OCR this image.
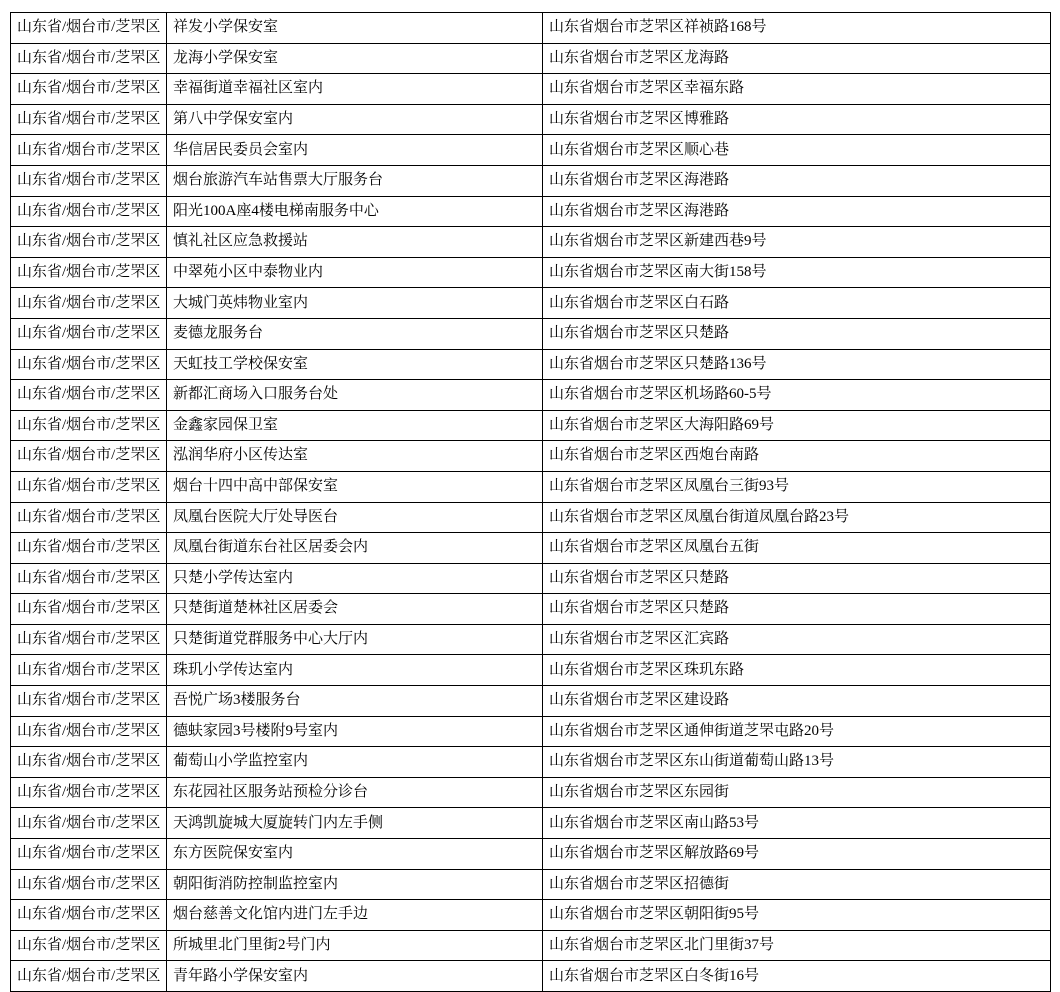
山东省/烟台市/芝罘区	祥发小学保安室	山东省烟台市芝罘区祥祯路168号
山东省/烟台市/芝罘区	龙海小学保安室	山东省烟台市芝罘区龙海路
山东省/烟台市/芝罘区	幸福街道幸福社区室内	山东省烟台市芝罘区幸福东路
山东省/烟台市/芝罘区	第八中学保安室内	山东省烟台市芝罘区博雅路
山东省/烟台市/芝罘区	华信居民委员会室内	山东省烟台市芝罘区顺心巷
山东省/烟台市/芝罘区	烟台旅游汽车站售票大厅服务台	山东省烟台市芝罘区海港路
山东省/烟台市/芝罘区	阳光100A座4楼电梯南服务中心	山东省烟台市芝罘区海港路
山东省/烟台市/芝罘区	慎礼社区应急救援站	山东省烟台市芝罘区新建西巷9号
山东省/烟台市/芝罘区	中翠苑小区中泰物业内	山东省烟台市芝罘区南大街158号
山东省/烟台市/芝罘区	大城门英炜物业室内	山东省烟台市芝罘区白石路
山东省/烟台市/芝罘区	麦德龙服务台	山东省烟台市芝罘区只楚路
山东省/烟台市/芝罘区	天虹技工学校保安室	山东省烟台市芝罘区只楚路136号
山东省/烟台市/芝罘区	新都汇商场入口服务台处	山东省烟台市芝罘区机场路60-5号
山东省/烟台市/芝罘区	金鑫家园保卫室	山东省烟台市芝罘区大海阳路69号
山东省/烟台市/芝罘区	泓润华府小区传达室	山东省烟台市芝罘区西炮台南路
山东省/烟台市/芝罘区	烟台十四中高中部保安室	山东省烟台市芝罘区凤凰台三街93号
山东省/烟台市/芝罘区	凤凰台医院大厅处导医台	山东省烟台市芝罘区凤凰台街道凤凰台路23号
山东省/烟台市/芝罘区	凤凰台街道东台社区居委会内	山东省烟台市芝罘区凤凰台五街
山东省/烟台市/芝罘区	只楚小学传达室内	山东省烟台市芝罘区只楚路
山东省/烟台市/芝罘区	只楚街道楚林社区居委会	山东省烟台市芝罘区只楚路
山东省/烟台市/芝罘区	只楚街道党群服务中心大厅内	山东省烟台市芝罘区汇宾路
山东省/烟台市/芝罘区	珠玑小学传达室内	山东省烟台市芝罘区珠玑东路
山东省/烟台市/芝罘区	吾悦广场3楼服务台	山东省烟台市芝罘区建设路
山东省/烟台市/芝罘区	德蚨家园3号楼附9号室内	山东省烟台市芝罘区通伸街道芝罘屯路20号
山东省/烟台市/芝罘区	葡萄山小学监控室内	山东省烟台市芝罘区东山街道葡萄山路13号
山东省/烟台市/芝罘区	东花园社区服务站预检分诊台	山东省烟台市芝罘区东园街
山东省/烟台市/芝罘区	天鸿凯旋城大厦旋转门内左手侧	山东省烟台市芝罘区南山路53号
山东省/烟台市/芝罘区	东方医院保安室内	山东省烟台市芝罘区解放路69号
山东省/烟台市/芝罘区	朝阳街消防控制监控室内	山东省烟台市芝罘区招德街
山东省/烟台市/芝罘区	烟台慈善文化馆内进门左手边	山东省烟台市芝罘区朝阳街95号
山东省/烟台市/芝罘区	所城里北门里街2号门内	山东省烟台市芝罘区北门里街37号
山东省/烟台市/芝罘区	青年路小学保安室内	山东省烟台市芝罘区白冬街16号
